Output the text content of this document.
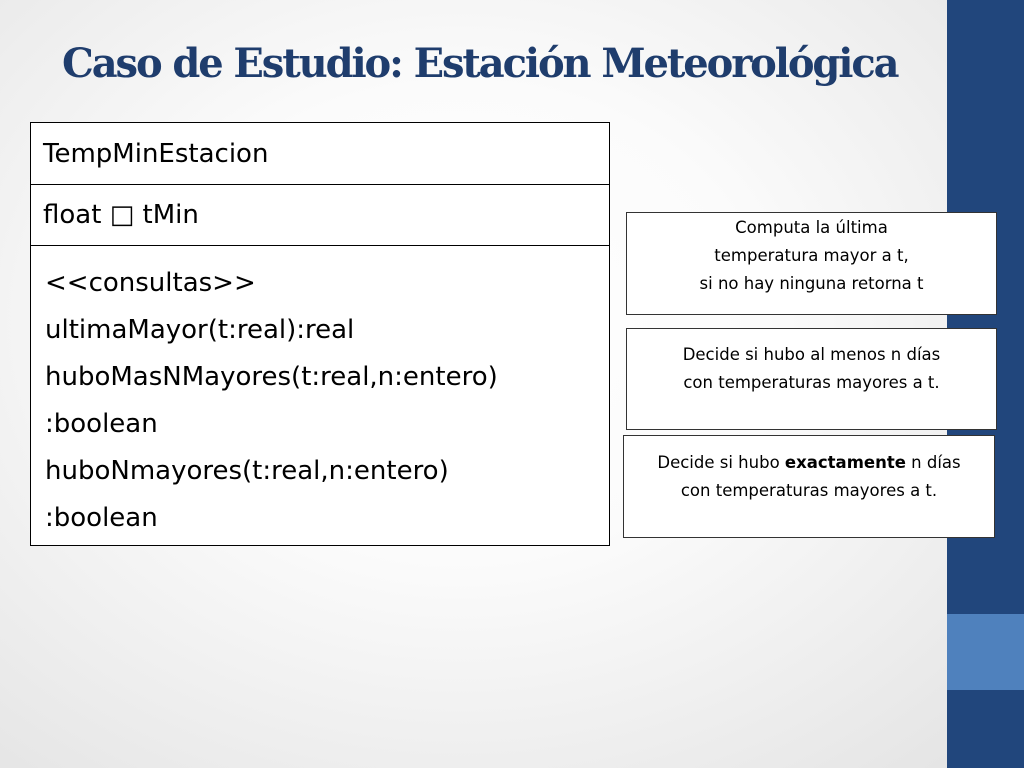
Caso de Estudio: Estación Meteorológica
TempMinEstacion
float
□
tMin
<<consultas>>
ultimaMayor(t:real):real
huboMasNMayores(t:real,n:entero)
:boolean
huboNmayores(t:real,n:entero)
:boolean

Computa la última

temperatura mayor a t,

si no hay ninguna retorna t

Decide si hubo al menos n días

con temperaturas mayores a t.

Decide si hubo exactamente n días

con temperaturas mayores a t.
